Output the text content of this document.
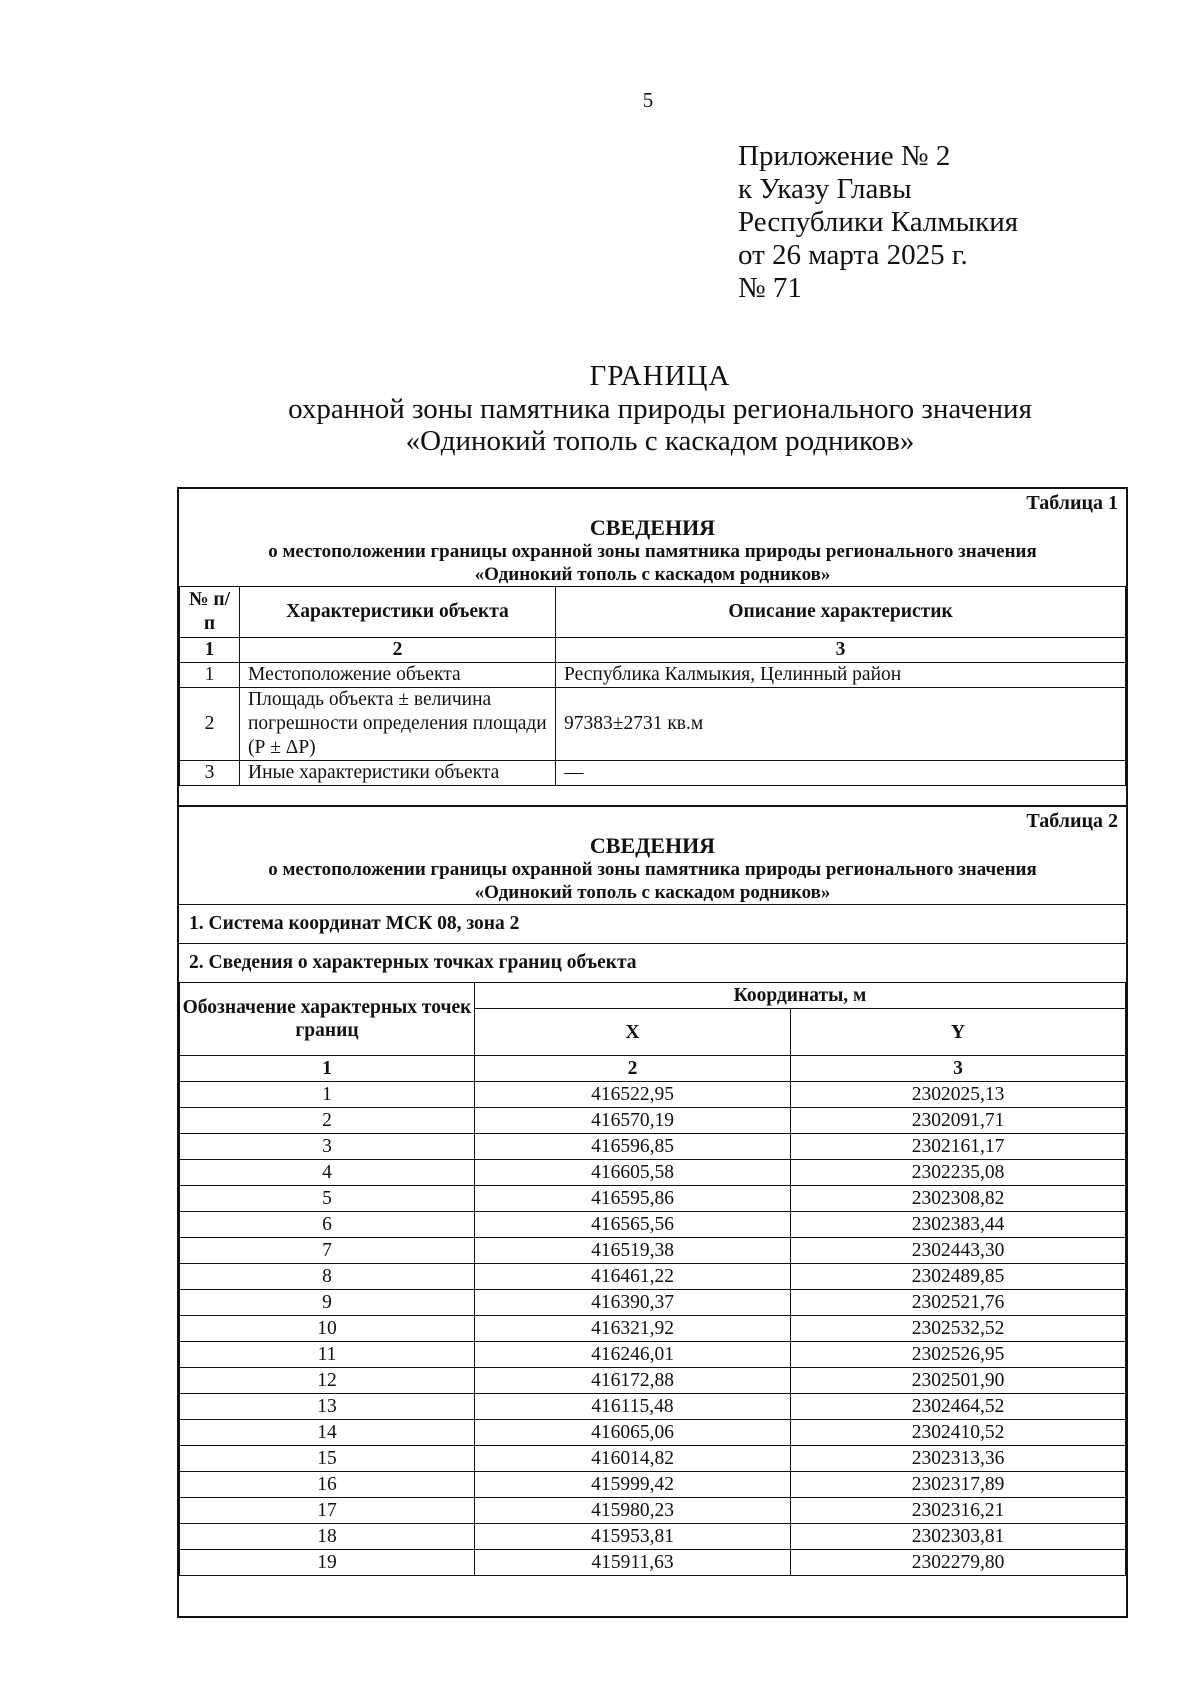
5
Приложение № 2
к Указу Главы
Республики Калмыкия
от 26 марта 2025 г.
№ 71
ГРАНИЦА
охранной зоны памятника природы регионального значения
«Одинокий тополь с каскадом родников»
Таблица 1
СВЕДЕНИЯ
о местоположении границы охранной зоны памятника природы регионального значения
«Одинокий тополь с каскадом родников»
№ п/п	Характеристики объекта	Описание характеристик
1	2	3
1	Местоположение объекта	Республика Калмыкия, Целинный район
2	Площадь объекта ± величина погрешности определения площади (Р ± ΔР)	97383±2731 кв.м
3	Иные характеристики объекта	—
Таблица 2
СВЕДЕНИЯ
о местоположении границы охранной зоны памятника природы регионального значения
«Одинокий тополь с каскадом родников»
1. Система координат МСК 08, зона 2
2. Сведения о характерных точках границ объекта
Обозначение характерных точек границ	Координаты, м	
	X	Y
1	2	3
1	416522,95	2302025,13
2	416570,19	2302091,71
3	416596,85	2302161,17
4	416605,58	2302235,08
5	416595,86	2302308,82
6	416565,56	2302383,44
7	416519,38	2302443,30
8	416461,22	2302489,85
9	416390,37	2302521,76
10	416321,92	2302532,52
11	416246,01	2302526,95
12	416172,88	2302501,90
13	416115,48	2302464,52
14	416065,06	2302410,52
15	416014,82	2302313,36
16	415999,42	2302317,89
17	415980,23	2302316,21
18	415953,81	2302303,81
19	415911,63	2302279,80
